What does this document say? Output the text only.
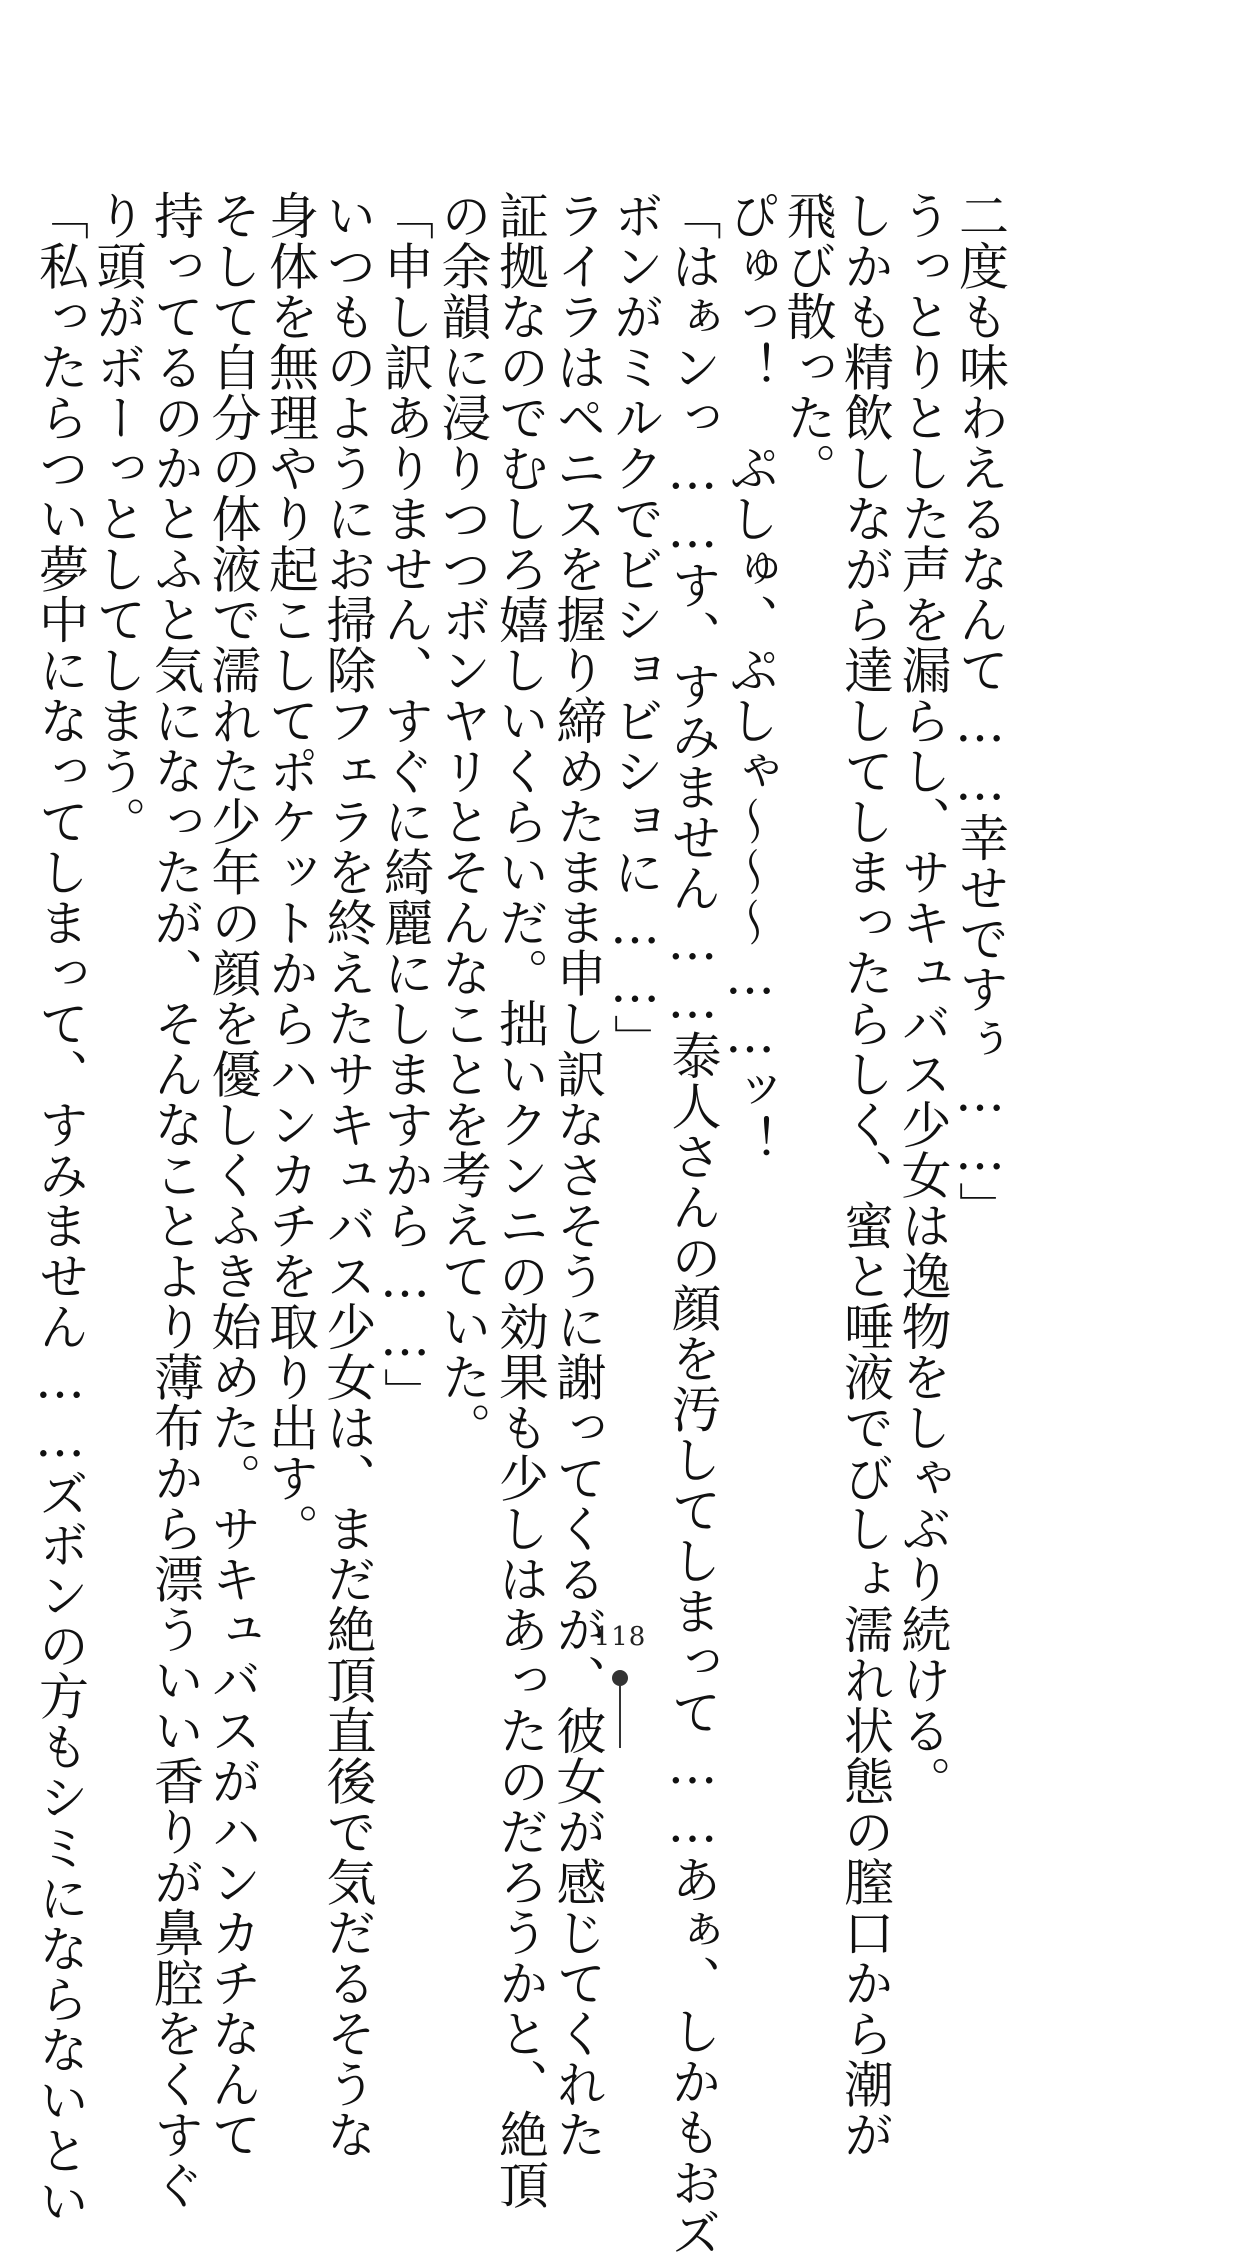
二度も味わえるなんて……幸せですぅ……」
うっとりとした声を漏らし、サキュバス少女は逸物をしゃぶり続ける。
しかも精飲しながら達してしまったらしく、蜜と唾液でびしょ濡れ状態の膣口から潮が
飛び散った。
ぴゅっ！　ぷしゅ、ぷしゃ～～～……ッ！
「はぁンっ……す、すみません……泰人さんの顔を汚してしまって……あぁ、しかもおズ
ボンがミルクでビショビショに……」
ライラはペニスを握り締めたまま申し訳なさそうに謝ってくるが、彼女が感じてくれた
証拠なのでむしろ嬉しいくらいだ。拙いクンニの効果も少しはあったのだろうかと、絶頂
の余韻に浸りつつボンヤリとそんなことを考えていた。
「申し訳ありません、すぐに綺麗にしますから……」
いつものようにお掃除フェラを終えたサキュバス少女は、まだ絶頂直後で気だるそうな
身体を無理やり起こしてポケットからハンカチを取り出す。
そして自分の体液で濡れた少年の顔を優しくふき始めた。サキュバスがハンカチなんて
持ってるのかとふと気になったが、そんなことより薄布から漂ういい香りが鼻腔をくすぐ
り頭がボーっとしてしまう。
「私ったらつい夢中になってしまって、すみません……ズボンの方もシミにならないとい	118
